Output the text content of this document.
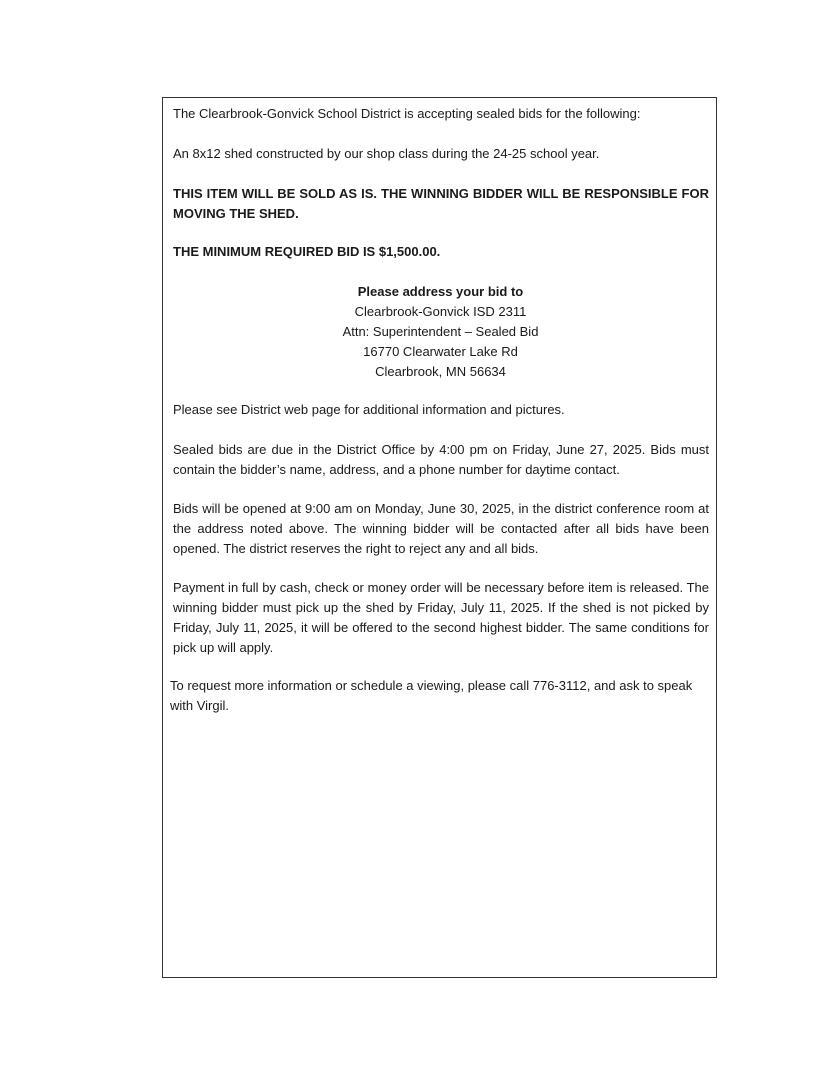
The Clearbrook-Gonvick School District is accepting sealed bids for the following:

An 8x12 shed constructed by our shop class during the 24-25 school year.

THIS ITEM WILL BE SOLD AS IS. THE WINNING BIDDER WILL BE RESPONSIBLE FOR MOVING THE SHED.

THE MINIMUM REQUIRED BID IS $1,500.00.

Please address your bid to
Clearbrook-Gonvick ISD 2311
Attn: Superintendent – Sealed Bid
16770 Clearwater Lake Rd
Clearbrook, MN 56634

Please see District web page for additional information and pictures.

Sealed bids are due in the District Office by 4:00 pm on Friday, June 27, 2025. Bids must contain the bidder’s name, address, and a phone number for daytime contact.

Bids will be opened at 9:00 am on Monday, June 30, 2025, in the district conference room at the address noted above. The winning bidder will be contacted after all bids have been opened. The district reserves the right to reject any and all bids.

Payment in full by cash, check or money order will be necessary before item is released. The winning bidder must pick up the shed by Friday, July 11, 2025. If the shed is not picked by Friday, July 11, 2025, it will be offered to the second highest bidder. The same conditions for pick up will apply.

To request more information or schedule a viewing, please call 776-3112, and ask to speak with Virgil.
